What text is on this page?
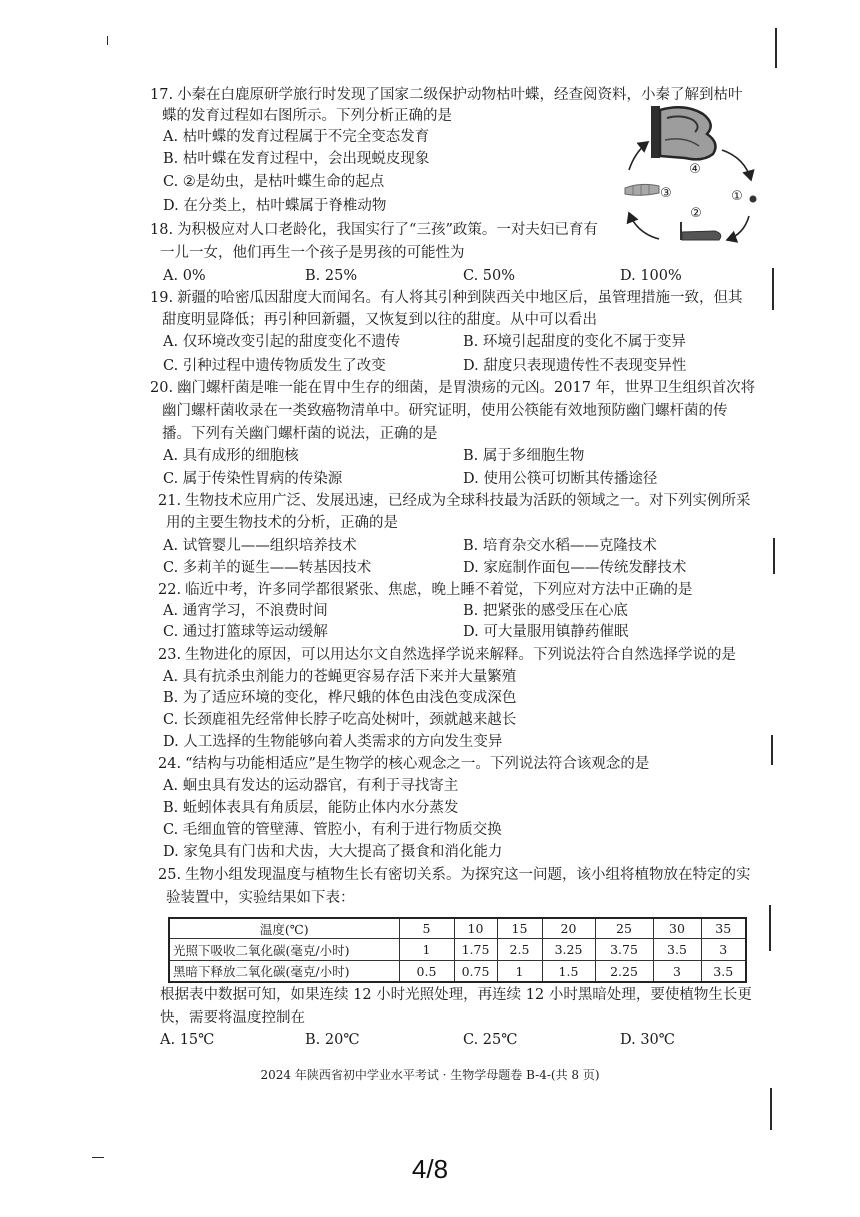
17. 小秦在白鹿原研学旅行时发现了国家二级保护动物枯叶蝶，经查阅资料，小秦了解到枯叶
蝶的发育过程如右图所示。下列分析正确的是
A. 枯叶蝶的发育过程属于不完全变态发育
B. 枯叶蝶在发育过程中，会出现蜕皮现象
C. ②是幼虫，是枯叶蝶生命的起点
D. 在分类上，枯叶蝶属于脊椎动物
①
②
③
④
18. 为积极应对人口老龄化，我国实行了“三孩”政策。一对夫妇已育有
一儿一女，他们再生一个孩子是男孩的可能性为
A. 0%	B. 25%	C. 50%	D. 100%
19. 新疆的哈密瓜因甜度大而闻名。有人将其引种到陕西关中地区后，虽管理措施一致，但其
甜度明显降低；再引种回新疆，又恢复到以往的甜度。从中可以看出
A. 仅环境改变引起的甜度变化不遗传	B. 环境引起甜度的变化不属于变异
C. 引种过程中遗传物质发生了改变	D. 甜度只表现遗传性不表现变异性
20. 幽门螺杆菌是唯一能在胃中生存的细菌，是胃溃疡的元凶。2017 年，世界卫生组织首次将
幽门螺杆菌收录在一类致癌物清单中。研究证明，使用公筷能有效地预防幽门螺杆菌的传
播。下列有关幽门螺杆菌的说法，正确的是
A. 具有成形的细胞核	B. 属于多细胞生物
C. 属于传染性胃病的传染源	D. 使用公筷可切断其传播途径
21. 生物技术应用广泛、发展迅速，已经成为全球科技最为活跃的领域之一。对下列实例所采
用的主要生物技术的分析，正确的是
A. 试管婴儿——组织培养技术	B. 培育杂交水稻——克隆技术
C. 多莉羊的诞生——转基因技术	D. 家庭制作面包——传统发酵技术
22. 临近中考，许多同学都很紧张、焦虑，晚上睡不着觉，下列应对方法中正确的是
A. 通宵学习，不浪费时间	B. 把紧张的感受压在心底
C. 通过打篮球等运动缓解	D. 可大量服用镇静药催眠
23. 生物进化的原因，可以用达尔文自然选择学说来解释。下列说法符合自然选择学说的是
A. 具有抗杀虫剂能力的苍蝇更容易存活下来并大量繁殖
B. 为了适应环境的变化，桦尺蛾的体色由浅色变成深色
C. 长颈鹿祖先经常伸长脖子吃高处树叶，颈就越来越长
D. 人工选择的生物能够向着人类需求的方向发生变异
24. “结构与功能相适应”是生物学的核心观念之一。下列说法符合该观念的是
A. 蛔虫具有发达的运动器官，有利于寻找寄主
B. 蚯蚓体表具有角质层，能防止体内水分蒸发
C. 毛细血管的管壁薄、管腔小，有利于进行物质交换
D. 家兔具有门齿和犬齿，大大提高了摄食和消化能力
25. 生物小组发现温度与植物生长有密切关系。为探究这一问题，该小组将植物放在特定的实
验装置中，实验结果如下表：
温度(℃)	5	10	15	20	25	30	35
光照下吸收二氧化碳(毫克/小时)	1	1.75	2.5	3.25	3.75	3.5	3
黑暗下释放二氧化碳(毫克/小时)	0.5	0.75	1	1.5	2.25	3	3.5
根据表中数据可知，如果连续 12 小时光照处理，再连续 12 小时黑暗处理，要使植物生长更
快，需要将温度控制在
A. 15℃	B. 20℃	C. 25℃	D. 30℃
2024 年陕西省初中学业水平考试 · 生物学母题卷 B-4-(共 8 页)
4/8
